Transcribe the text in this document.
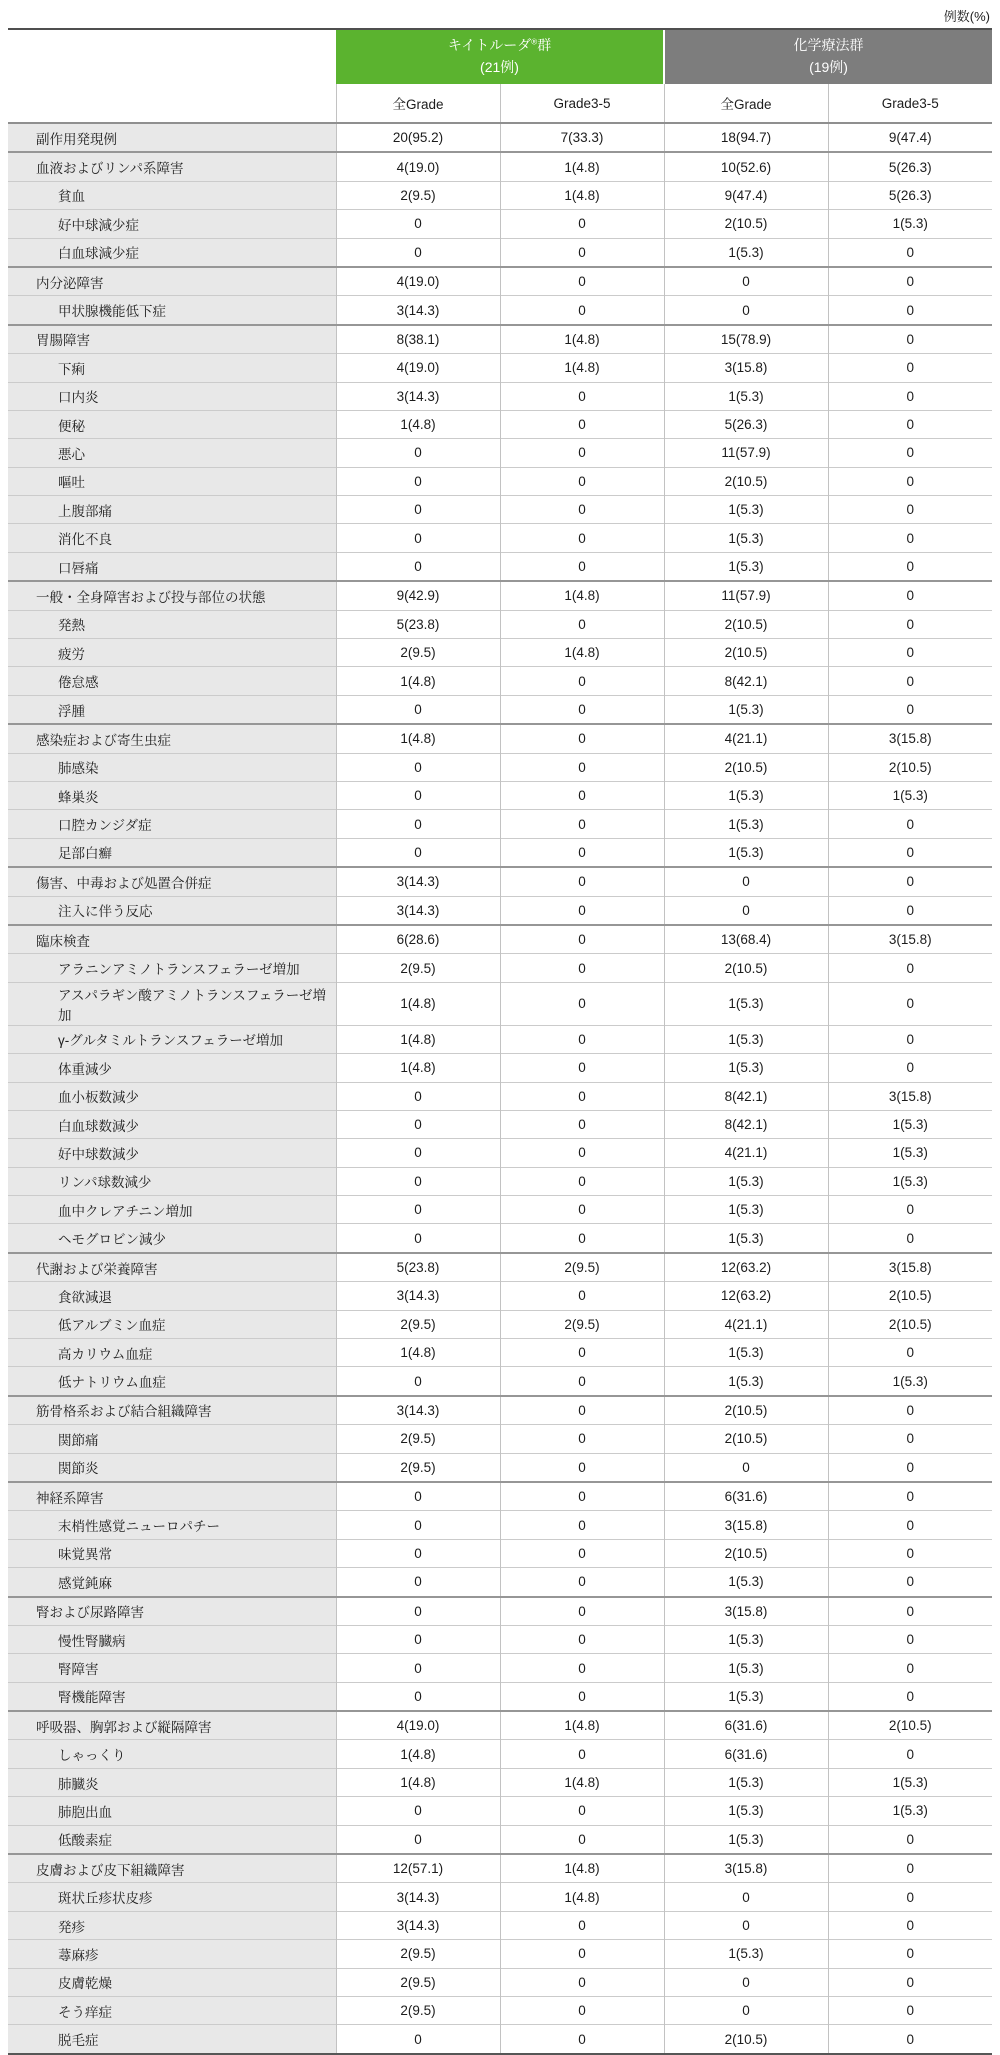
例数(%)

キイトルーダ®群
(21例)

化学療法群
(19例)

	全Grade	Grade3-5	全Grade	Grade3-5
副作用発現例	20(95.2)	7(33.3)	18(94.7)	9(47.4)
血液およびリンパ系障害	4(19.0)	1(4.8)	10(52.6)	5(26.3)
貧血	2(9.5)	1(4.8)	9(47.4)	5(26.3)
好中球減少症	0	0	2(10.5)	1(5.3)
白血球減少症	0	0	1(5.3)	0
内分泌障害	4(19.0)	0	0	0
甲状腺機能低下症	3(14.3)	0	0	0
胃腸障害	8(38.1)	1(4.8)	15(78.9)	0
下痢	4(19.0)	1(4.8)	3(15.8)	0
口内炎	3(14.3)	0	1(5.3)	0
便秘	1(4.8)	0	5(26.3)	0
悪心	0	0	11(57.9)	0
嘔吐	0	0	2(10.5)	0
上腹部痛	0	0	1(5.3)	0
消化不良	0	0	1(5.3)	0
口唇痛	0	0	1(5.3)	0
一般・全身障害および投与部位の状態	9(42.9)	1(4.8)	11(57.9)	0
発熱	5(23.8)	0	2(10.5)	0
疲労	2(9.5)	1(4.8)	2(10.5)	0
倦怠感	1(4.8)	0	8(42.1)	0
浮腫	0	0	1(5.3)	0
感染症および寄生虫症	1(4.8)	0	4(21.1)	3(15.8)
肺感染	0	0	2(10.5)	2(10.5)
蜂巣炎	0	0	1(5.3)	1(5.3)
口腔カンジダ症	0	0	1(5.3)	0
足部白癬	0	0	1(5.3)	0
傷害、中毒および処置合併症	3(14.3)	0	0	0
注入に伴う反応	3(14.3)	0	0	0
臨床検査	6(28.6)	0	13(68.4)	3(15.8)
アラニンアミノトランスフェラーゼ増加	2(9.5)	0	2(10.5)	0
アスパラギン酸アミノトランスフェラーゼ増加	1(4.8)	0	1(5.3)	0
γ-グルタミルトランスフェラーゼ増加	1(4.8)	0	1(5.3)	0
体重減少	1(4.8)	0	1(5.3)	0
血小板数減少	0	0	8(42.1)	3(15.8)
白血球数減少	0	0	8(42.1)	1(5.3)
好中球数減少	0	0	4(21.1)	1(5.3)
リンパ球数減少	0	0	1(5.3)	1(5.3)
血中クレアチニン増加	0	0	1(5.3)	0
ヘモグロビン減少	0	0	1(5.3)	0
代謝および栄養障害	5(23.8)	2(9.5)	12(63.2)	3(15.8)
食欲減退	3(14.3)	0	12(63.2)	2(10.5)
低アルブミン血症	2(9.5)	2(9.5)	4(21.1)	2(10.5)
高カリウム血症	1(4.8)	0	1(5.3)	0
低ナトリウム血症	0	0	1(5.3)	1(5.3)
筋骨格系および結合組織障害	3(14.3)	0	2(10.5)	0
関節痛	2(9.5)	0	2(10.5)	0
関節炎	2(9.5)	0	0	0
神経系障害	0	0	6(31.6)	0
末梢性感覚ニューロパチー	0	0	3(15.8)	0
味覚異常	0	0	2(10.5)	0
感覚鈍麻	0	0	1(5.3)	0
腎および尿路障害	0	0	3(15.8)	0
慢性腎臓病	0	0	1(5.3)	0
腎障害	0	0	1(5.3)	0
腎機能障害	0	0	1(5.3)	0
呼吸器、胸郭および縦隔障害	4(19.0)	1(4.8)	6(31.6)	2(10.5)
しゃっくり	1(4.8)	0	6(31.6)	0
肺臓炎	1(4.8)	1(4.8)	1(5.3)	1(5.3)
肺胞出血	0	0	1(5.3)	1(5.3)
低酸素症	0	0	1(5.3)	0
皮膚および皮下組織障害	12(57.1)	1(4.8)	3(15.8)	0
斑状丘疹状皮疹	3(14.3)	1(4.8)	0	0
発疹	3(14.3)	0	0	0
蕁麻疹	2(9.5)	0	1(5.3)	0
皮膚乾燥	2(9.5)	0	0	0
そう痒症	2(9.5)	0	0	0
脱毛症	0	0	2(10.5)	0
